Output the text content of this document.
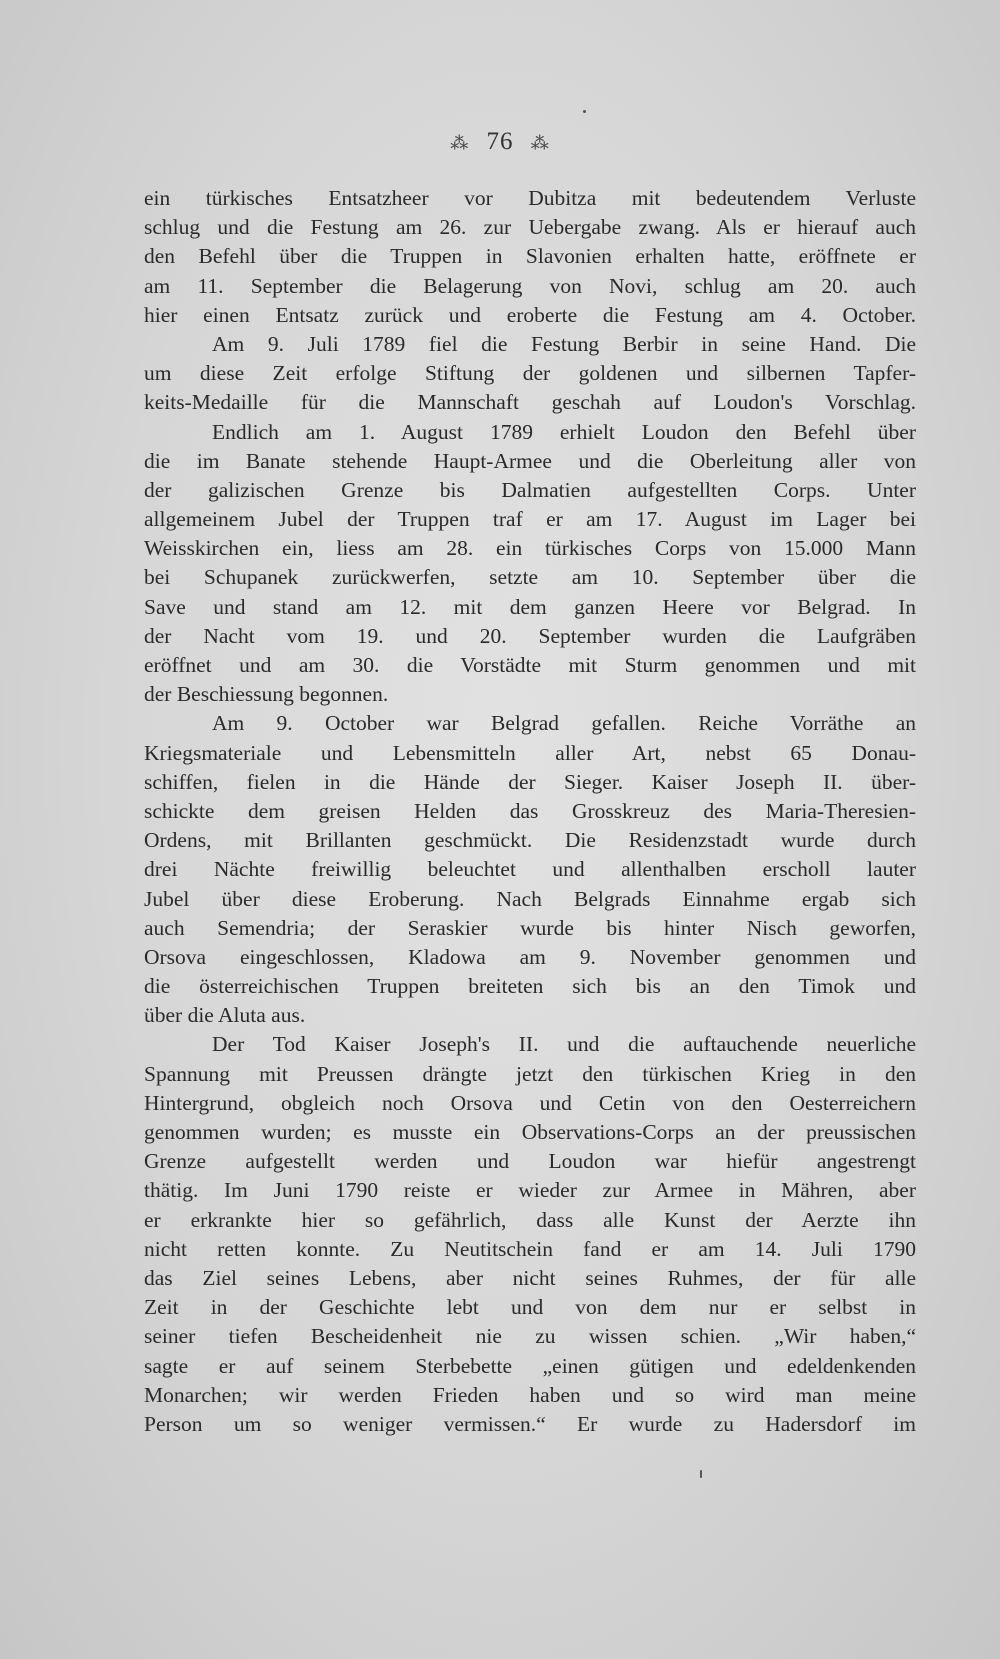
⁂ 76 ⁂
ein türkisches Entsatzheer vor Dubitza mit bedeutendem Verluste
schlug und die Festung am 26. zur Uebergabe zwang. Als er hierauf auch
den Befehl über die Truppen in Slavonien erhalten hatte, eröffnete er
am 11. September die Belagerung von Novi, schlug am 20. auch
hier einen Entsatz zurück und eroberte die Festung am 4. October.
Am 9. Juli 1789 fiel die Festung Berbir in seine Hand. Die
um diese Zeit erfolge Stiftung der goldenen und silbernen Tapfer-
keits-Medaille für die Mannschaft geschah auf Loudon's Vorschlag.
Endlich am 1. August 1789 erhielt Loudon den Befehl über
die im Banate stehende Haupt-Armee und die Oberleitung aller von
der galizischen Grenze bis Dalmatien aufgestellten Corps. Unter
allgemeinem Jubel der Truppen traf er am 17. August im Lager bei
Weisskirchen ein, liess am 28. ein türkisches Corps von 15.000 Mann
bei Schupanek zurückwerfen, setzte am 10. September über die
Save und stand am 12. mit dem ganzen Heere vor Belgrad. In
der Nacht vom 19. und 20. September wurden die Laufgräben
eröffnet und am 30. die Vorstädte mit Sturm genommen und mit
der Beschiessung begonnen.
Am 9. October war Belgrad gefallen. Reiche Vorräthe an
Kriegsmateriale und Lebensmitteln aller Art, nebst 65 Donau-
schiffen, fielen in die Hände der Sieger. Kaiser Joseph II. über-
schickte dem greisen Helden das Grosskreuz des Maria-Theresien-
Ordens, mit Brillanten geschmückt. Die Residenzstadt wurde durch
drei Nächte freiwillig beleuchtet und allenthalben erscholl lauter
Jubel über diese Eroberung. Nach Belgrads Einnahme ergab sich
auch Semendria; der Seraskier wurde bis hinter Nisch geworfen,
Orsova eingeschlossen, Kladowa am 9. November genommen und
die österreichischen Truppen breiteten sich bis an den Timok und
über die Aluta aus.
Der Tod Kaiser Joseph's II. und die auftauchende neuerliche
Spannung mit Preussen drängte jetzt den türkischen Krieg in den
Hintergrund, obgleich noch Orsova und Cetin von den Oesterreichern
genommen wurden; es musste ein Observations-Corps an der preussischen
Grenze aufgestellt werden und Loudon war hiefür angestrengt
thätig. Im Juni 1790 reiste er wieder zur Armee in Mähren, aber
er erkrankte hier so gefährlich, dass alle Kunst der Aerzte ihn
nicht retten konnte. Zu Neutitschein fand er am 14. Juli 1790
das Ziel seines Lebens, aber nicht seines Ruhmes, der für alle
Zeit in der Geschichte lebt und von dem nur er selbst in
seiner tiefen Bescheidenheit nie zu wissen schien. „Wir haben,“
sagte er auf seinem Sterbebette „einen gütigen und edeldenkenden
Monarchen; wir werden Frieden haben und so wird man meine
Person um so weniger vermissen.“ Er wurde zu Hadersdorf im
